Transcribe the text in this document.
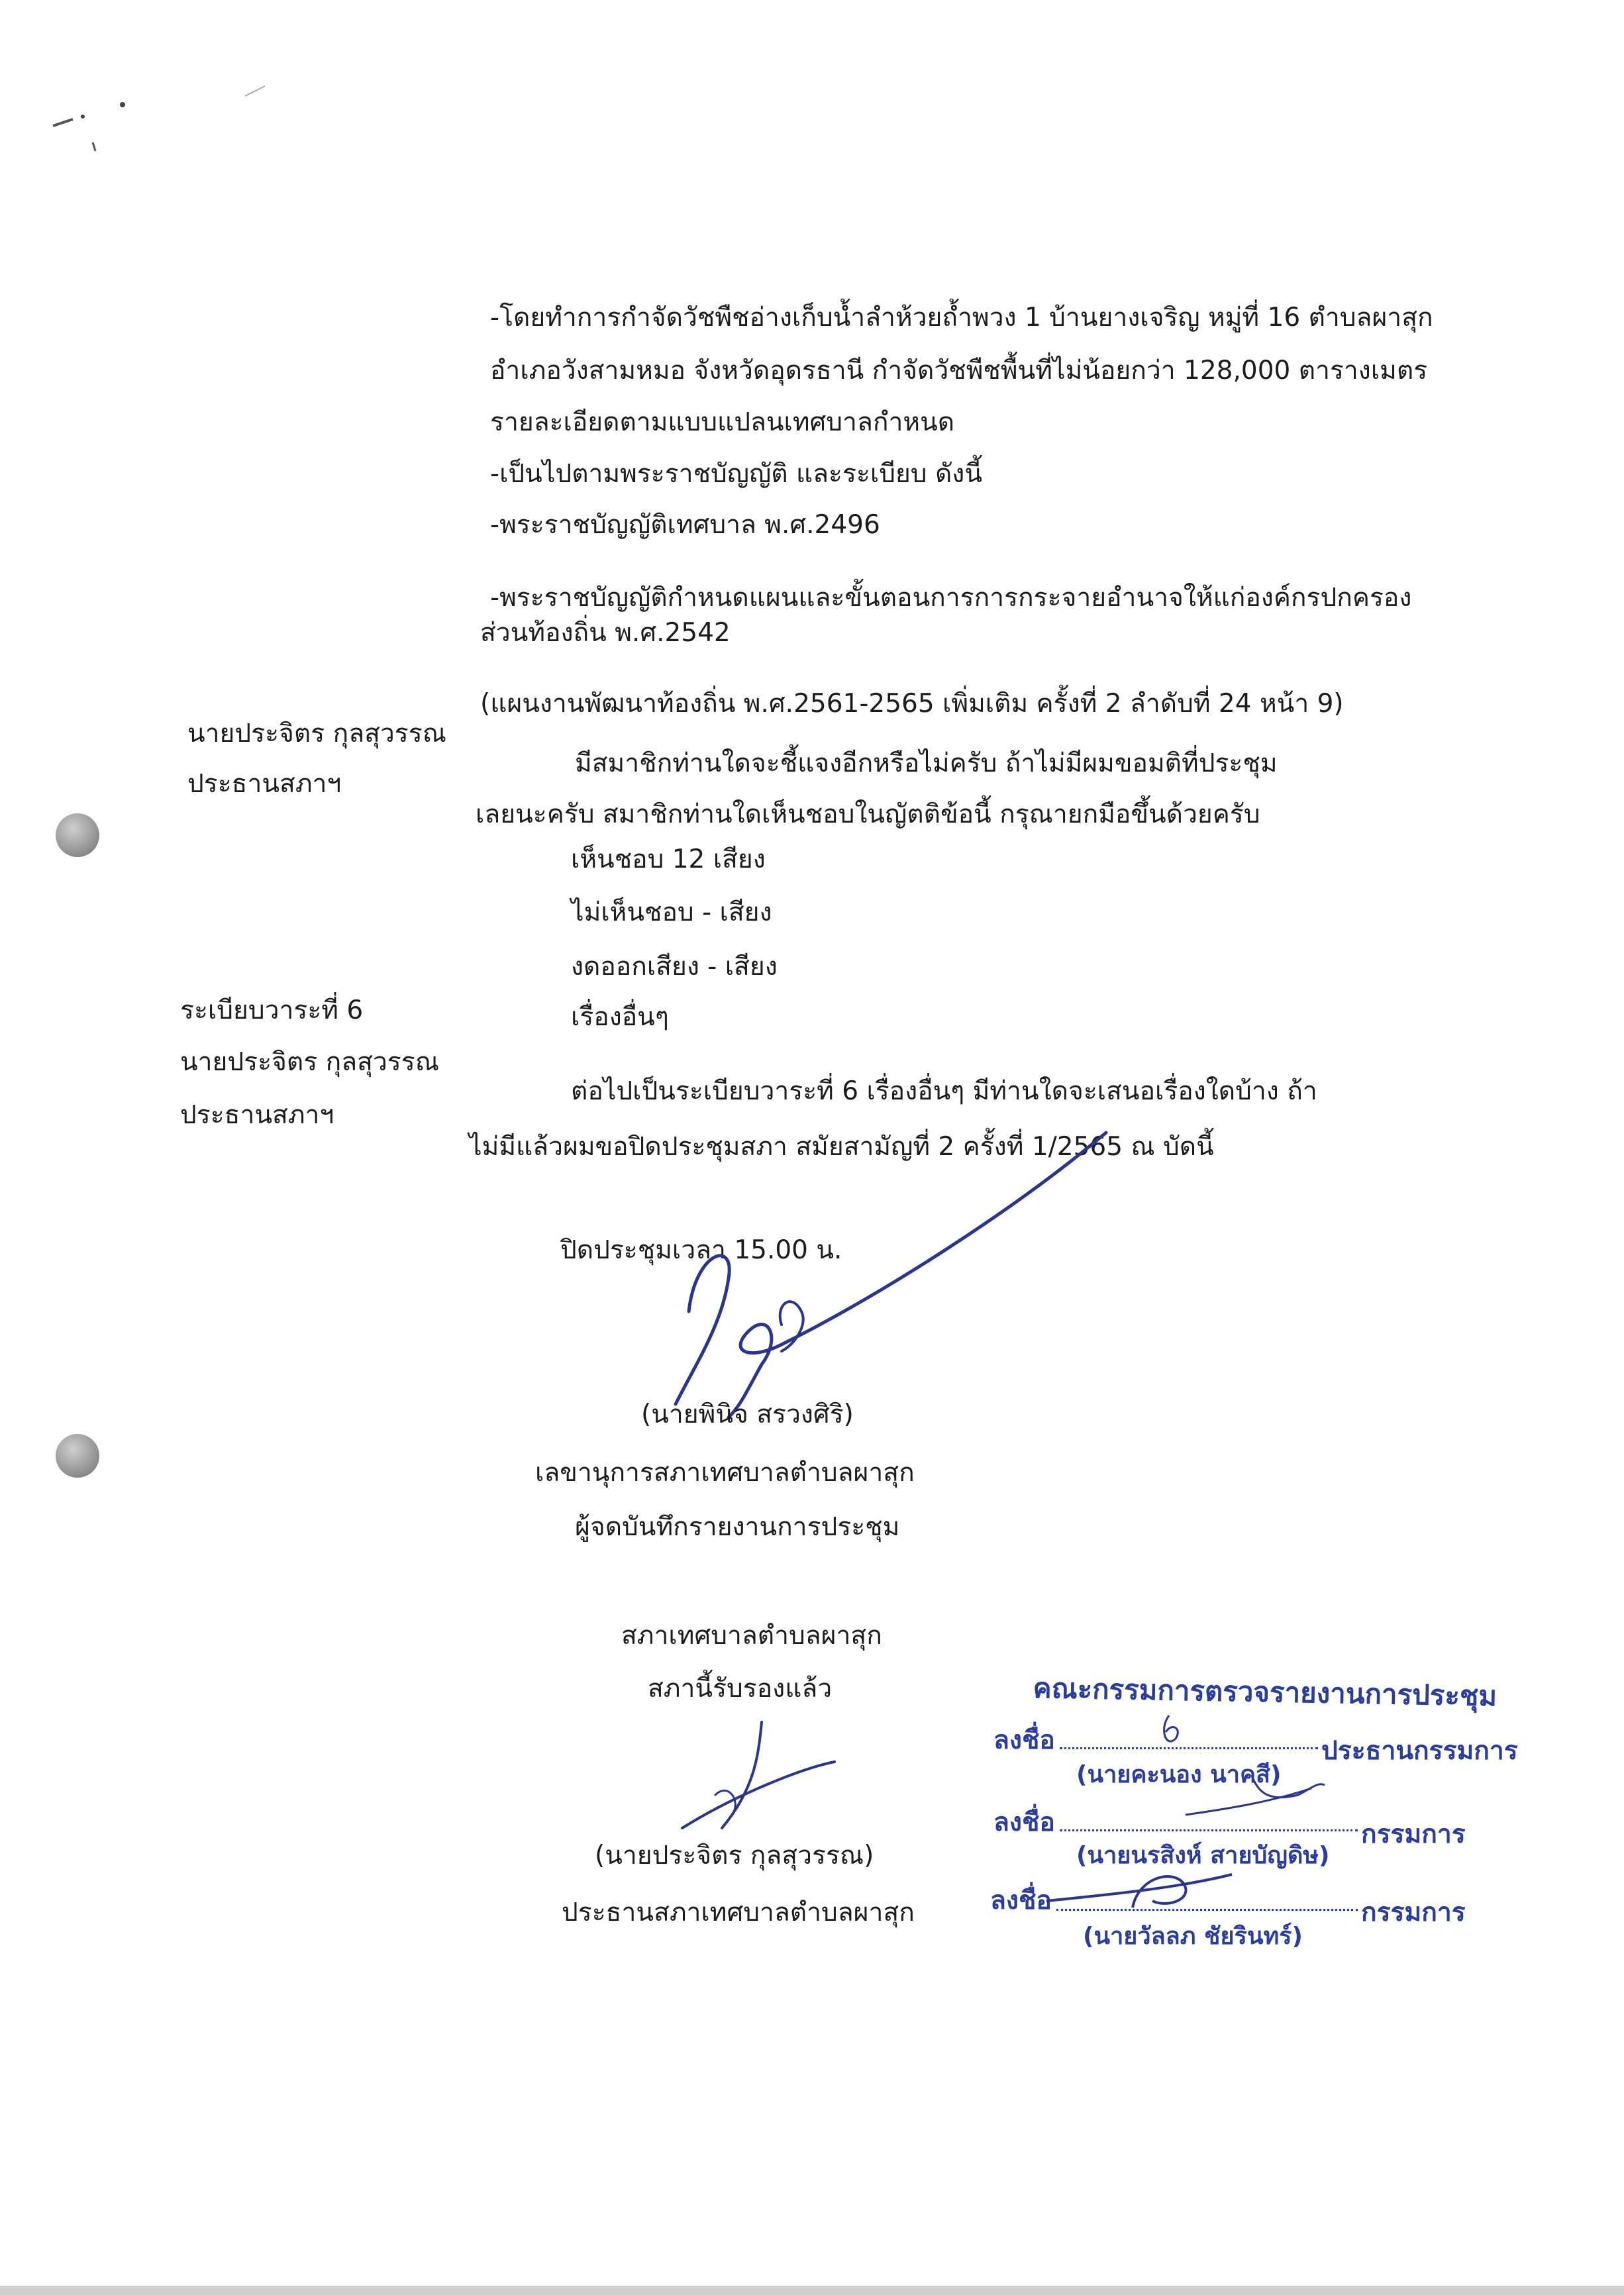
-โดยทำการกำจัดวัชพืชอ่างเก็บน้ำลำห้วยถ้ำพวง 1 บ้านยางเจริญ หมู่ที่ 16 ตำบลผาสุก
อำเภอวังสามหมอ จังหวัดอุดรธานี กำจัดวัชพืชพื้นที่ไม่น้อยกว่า 128,000 ตารางเมตร
รายละเอียดตามแบบแปลนเทศบาลกำหนด
-เป็นไปตามพระราชบัญญัติ และระเบียบ ดังนี้
-พระราชบัญญัติเทศบาล พ.ศ.2496
-พระราชบัญญัติกำหนดแผนและขั้นตอนการการกระจายอำนาจให้แก่องค์กรปกครอง
ส่วนท้องถิ่น พ.ศ.2542
(แผนงานพัฒนาท้องถิ่น พ.ศ.2561-2565 เพิ่มเติม ครั้งที่ 2 ลำดับที่ 24 หน้า 9)
นายประจิตร กุลสุวรรณ
ประธานสภาฯ
มีสมาชิกท่านใดจะชี้แจงอีกหรือไม่ครับ ถ้าไม่มีผมขอมติที่ประชุม
เลยนะครับ สมาชิกท่านใดเห็นชอบในญัตติข้อนี้ กรุณายกมือขึ้นด้วยครับ
เห็นชอบ 12 เสียง
ไม่เห็นชอบ - เสียง
งดออกเสียง - เสียง
ระเบียบวาระที่ 6	เรื่องอื่นๆ
นายประจิตร กุลสุวรรณ
ประธานสภาฯ
ต่อไปเป็นระเบียบวาระที่ 6 เรื่องอื่นๆ มีท่านใดจะเสนอเรื่องใดบ้าง ถ้า
ไม่มีแล้วผมขอปิดประชุมสภา สมัยสามัญที่ 2 ครั้งที่ 1/2565 ณ บัดนี้
ปิดประชุมเวลา 15.00 น.
(นายพินิจ สรวงศิริ)
เลขานุการสภาเทศบาลตำบลผาสุก
ผู้จดบันทึกรายงานการประชุม
สภาเทศบาลตำบลผาสุก
สภานี้รับรองแล้ว
(นายประจิตร กุลสุวรรณ)
ประธานสภาเทศบาลตำบลผาสุก
คณะกรรมการตรวจรายงานการประชุม
ลงชื่อ	ประธานกรรมการ
(นายคะนอง นาคสี)
ลงชื่อ	กรรมการ
(นายนรสิงห์ สายบัญดิษ)
ลงชื่อ	กรรมการ
(นายวัลลภ ชัยรินทร์)
